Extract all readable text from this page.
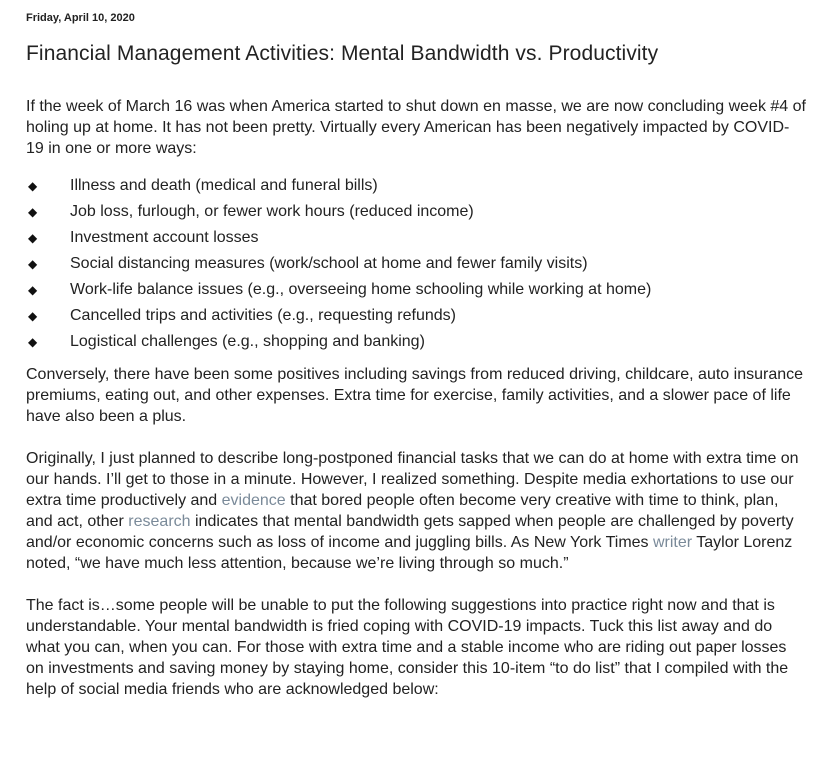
Friday, April 10, 2020
Financial Management Activities: Mental Bandwidth vs. Productivity

If the week of March 16 was when America started to shut down en masse, we are now concluding week #4 of holing up at home. It has not been pretty. Virtually every American has been negatively impacted by COVID-19 in one or more ways:

◆ Illness and death (medical and funeral bills)
◆ Job loss, furlough, or fewer work hours (reduced income)
◆ Investment account losses
◆ Social distancing measures (work/school at home and fewer family visits)
◆ Work-life balance issues (e.g., overseeing home schooling while working at home)
◆ Cancelled trips and activities (e.g., requesting refunds)
◆ Logistical challenges (e.g., shopping and banking)

Conversely, there have been some positives including savings from reduced driving, childcare, auto insurance premiums, eating out, and other expenses. Extra time for exercise, family activities, and a slower pace of life have also been a plus.

Originally, I just planned to describe long-postponed financial tasks that we can do at home with extra time on our hands. I’ll get to those in a minute. However, I realized something. Despite media exhortations to use our extra time productively and evidence that bored people often become very creative with time to think, plan, and act, other research indicates that mental bandwidth gets sapped when people are challenged by poverty and/or economic concerns such as loss of income and juggling bills. As New York Times writer Taylor Lorenz noted, “we have much less attention, because we’re living through so much.”

The fact is…some people will be unable to put the following suggestions into practice right now and that is understandable. Your mental bandwidth is fried coping with COVID-19 impacts. Tuck this list away and do what you can, when you can. For those with extra time and a stable income who are riding out paper losses on investments and saving money by staying home, consider this 10-item “to do list” that I compiled with the help of social media friends who are acknowledged below:
